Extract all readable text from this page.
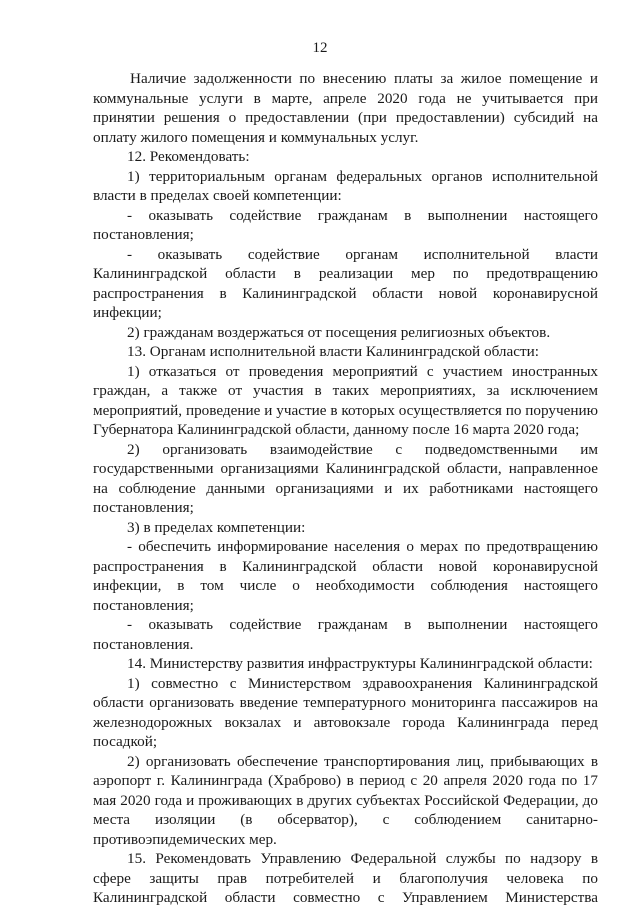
12

Наличие задолженности по внесению платы за жилое помещение и коммунальные услуги в марте, апреле 2020 года не учитывается при принятии решения о предоставлении (при предоставлении) субсидий на оплату жилого помещения и коммунальных услуг.

12. Рекомендовать:

1) территориальным органам федеральных органов исполнительной власти в пределах своей компетенции:

- оказывать содействие гражданам в выполнении настоящего постановления;

- оказывать содействие органам исполнительной власти Калининградской области в реализации мер по предотвращению распространения в Калининградской области новой коронавирусной инфекции;

2) гражданам воздержаться от посещения религиозных объектов.

13. Органам исполнительной власти Калининградской области:

1) отказаться от проведения мероприятий с участием иностранных граждан, а также от участия в таких мероприятиях, за исключением мероприятий, проведение и участие в которых осуществляется по поручению Губернатора Калининградской области, данному после 16 марта 2020 года;

2) организовать взаимодействие с подведомственными им государственными организациями Калининградской области, направленное на соблюдение данными организациями и их работниками настоящего постановления;

3) в пределах компетенции:

- обеспечить информирование населения о мерах по предотвращению распространения в Калининградской области новой коронавирусной инфекции, в том числе о необходимости соблюдения настоящего постановления;

- оказывать содействие гражданам в выполнении настоящего постановления.

14. Министерству развития инфраструктуры Калининградской области:

1) совместно с Министерством здравоохранения Калининградской области организовать введение температурного мониторинга пассажиров на железнодорожных вокзалах и автовокзале города Калининграда перед посадкой;

2) организовать обеспечение транспортирования лиц, прибывающих в аэропорт г. Калининграда (Храброво) в период с 20 апреля 2020 года по 17 мая 2020 года и проживающих в других субъектах Российской Федерации, до места изоляции (в обсерватор), с соблюдением санитарно-противоэпидемических мер.

15. Рекомендовать Управлению Федеральной службы по надзору в сфере защиты прав потребителей и благополучия человека по Калининградской области совместно с Управлением Министерства
